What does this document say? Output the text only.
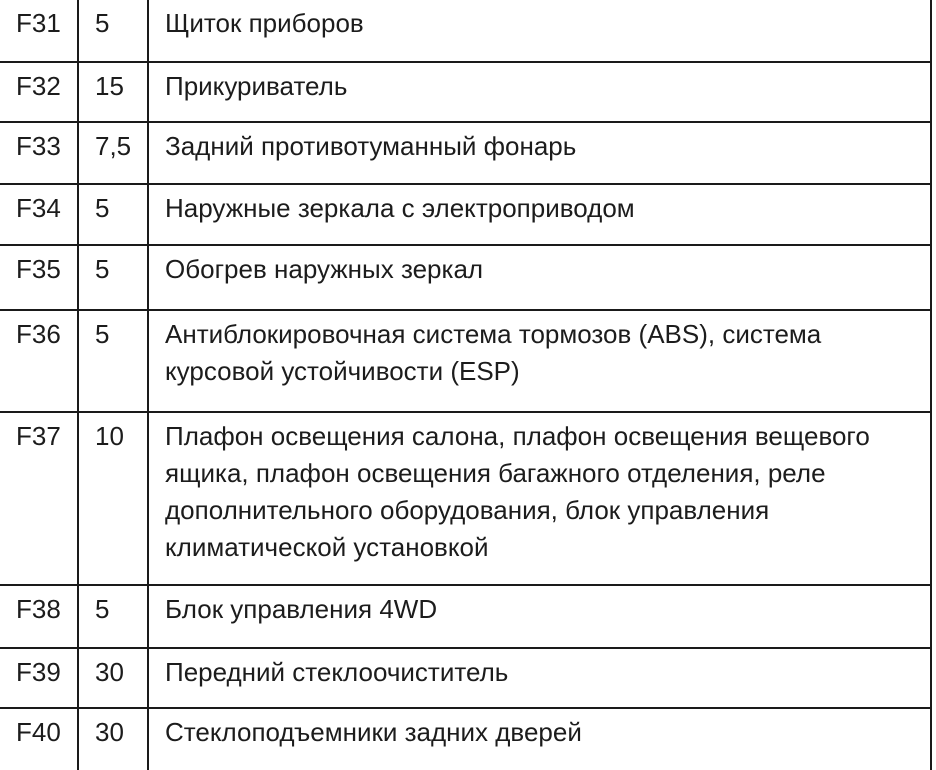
F31	5	Щиток приборов
F32	15	Прикуриватель
F33	7,5	Задний противотуманный фонарь
F34	5	Наружные зеркала с электроприводом
F35	5	Обогрев наружных зеркал
F36	5	Антиблокировочная система тормозов (ABS), система курсовой устойчивости (ESP)
F37	10	Плафон освещения салона, плафон освещения вещевого ящика, плафон освещения багажного отделения, реле дополнительного оборудования, блок управления климатической установкой
F38	5	Блок управления 4WD
F39	30	Передний стеклоочиститель
F40	30	Стеклоподъемники задних дверей
